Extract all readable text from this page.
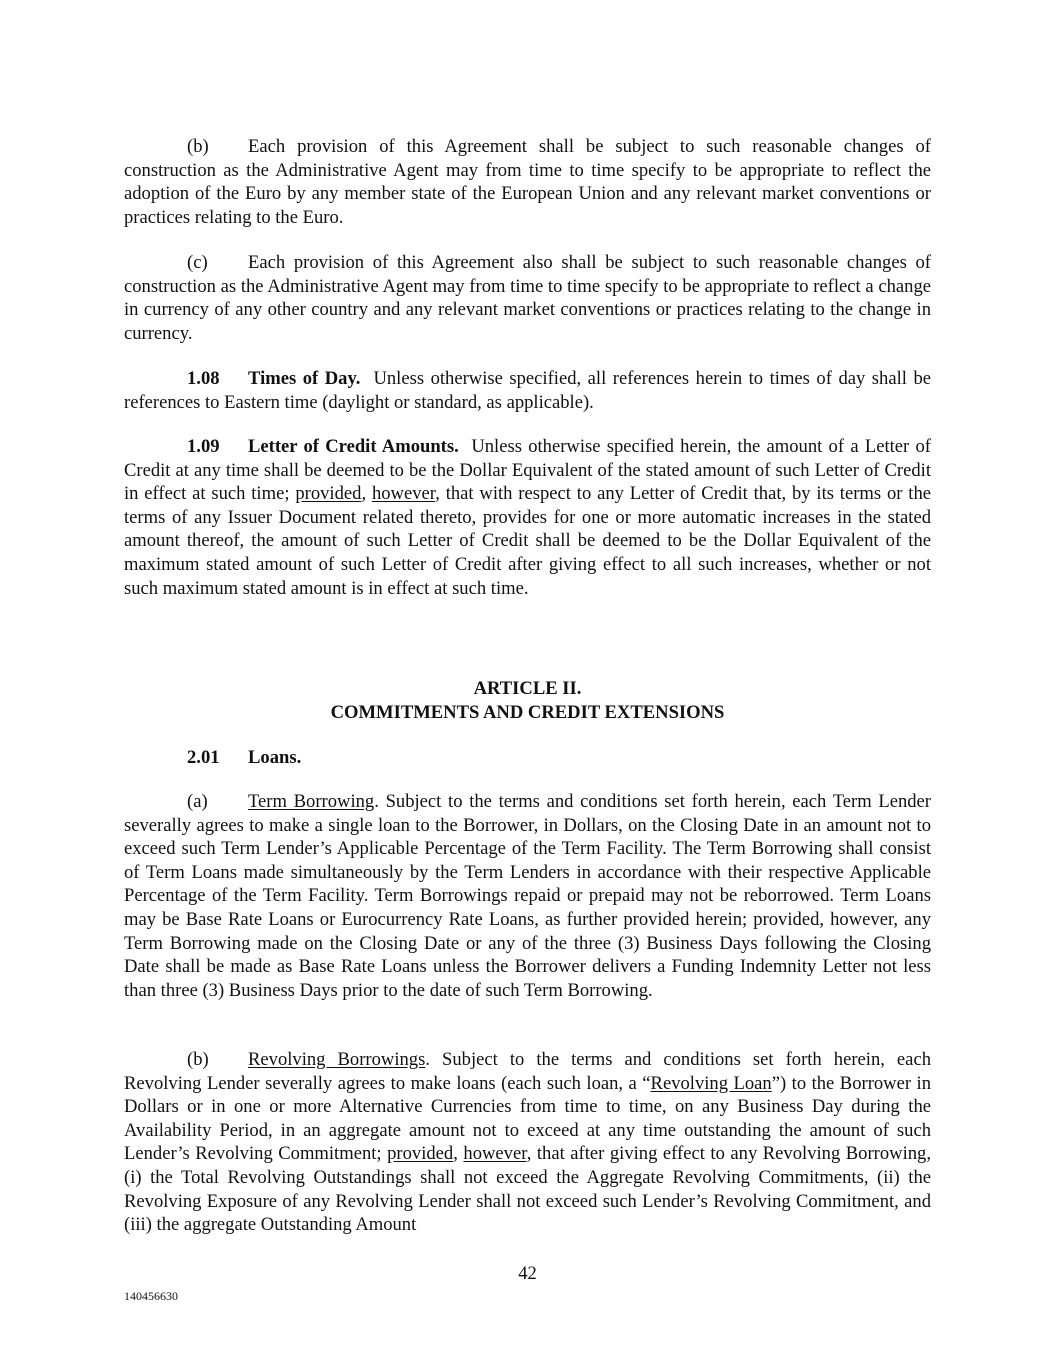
(b) Each provision of this Agreement shall be subject to such reasonable changes of construction as the Administrative Agent may from time to time specify to be appropriate to reflect the adoption of the Euro by any member state of the European Union and any relevant market conventions or practices relating to the Euro.

(c) Each provision of this Agreement also shall be subject to such reasonable changes of construction as the Administrative Agent may from time to time specify to be appropriate to reflect a change in currency of any other country and any relevant market conventions or practices relating to the change in currency.

1.08 Times of Day. Unless otherwise specified, all references herein to times of day shall be references to Eastern time (daylight or standard, as applicable).

1.09 Letter of Credit Amounts. Unless otherwise specified herein, the amount of a Letter of Credit at any time shall be deemed to be the Dollar Equivalent of the stated amount of such Letter of Credit in effect at such time; provided, however, that with respect to any Letter of Credit that, by its terms or the terms of any Issuer Document related thereto, provides for one or more automatic increases in the stated amount thereof, the amount of such Letter of Credit shall be deemed to be the Dollar Equivalent of the maximum stated amount of such Letter of Credit after giving effect to all such increases, whether or not such maximum stated amount is in effect at such time.

ARTICLE II.

COMMITMENTS AND CREDIT EXTENSIONS

2.01 Loans.

(a) Term Borrowing. Subject to the terms and conditions set forth herein, each Term Lender severally agrees to make a single loan to the Borrower, in Dollars, on the Closing Date in an amount not to exceed such Term Lender’s Applicable Percentage of the Term Facility. The Term Borrowing shall consist of Term Loans made simultaneously by the Term Lenders in accordance with their respective Applicable Percentage of the Term Facility. Term Borrowings repaid or prepaid may not be reborrowed. Term Loans may be Base Rate Loans or Eurocurrency Rate Loans, as further provided herein; provided, however, any Term Borrowing made on the Closing Date or any of the three (3) Business Days following the Closing Date shall be made as Base Rate Loans unless the Borrower delivers a Funding Indemnity Letter not less than three (3) Business Days prior to the date of such Term Borrowing.

(b) Revolving Borrowings. Subject to the terms and conditions set forth herein, each Revolving Lender severally agrees to make loans (each such loan, a “Revolving Loan”) to the Borrower in Dollars or in one or more Alternative Currencies from time to time, on any Business Day during the Availability Period, in an aggregate amount not to exceed at any time outstanding the amount of such Lender’s Revolving Commitment; provided, however, that after giving effect to any Revolving Borrowing, (i) the Total Revolving Outstandings shall not exceed the Aggregate Revolving Commitments, (ii) the Revolving Exposure of any Revolving Lender shall not exceed such Lender’s Revolving Commitment, and (iii) the aggregate Outstanding Amount

42
140456630
